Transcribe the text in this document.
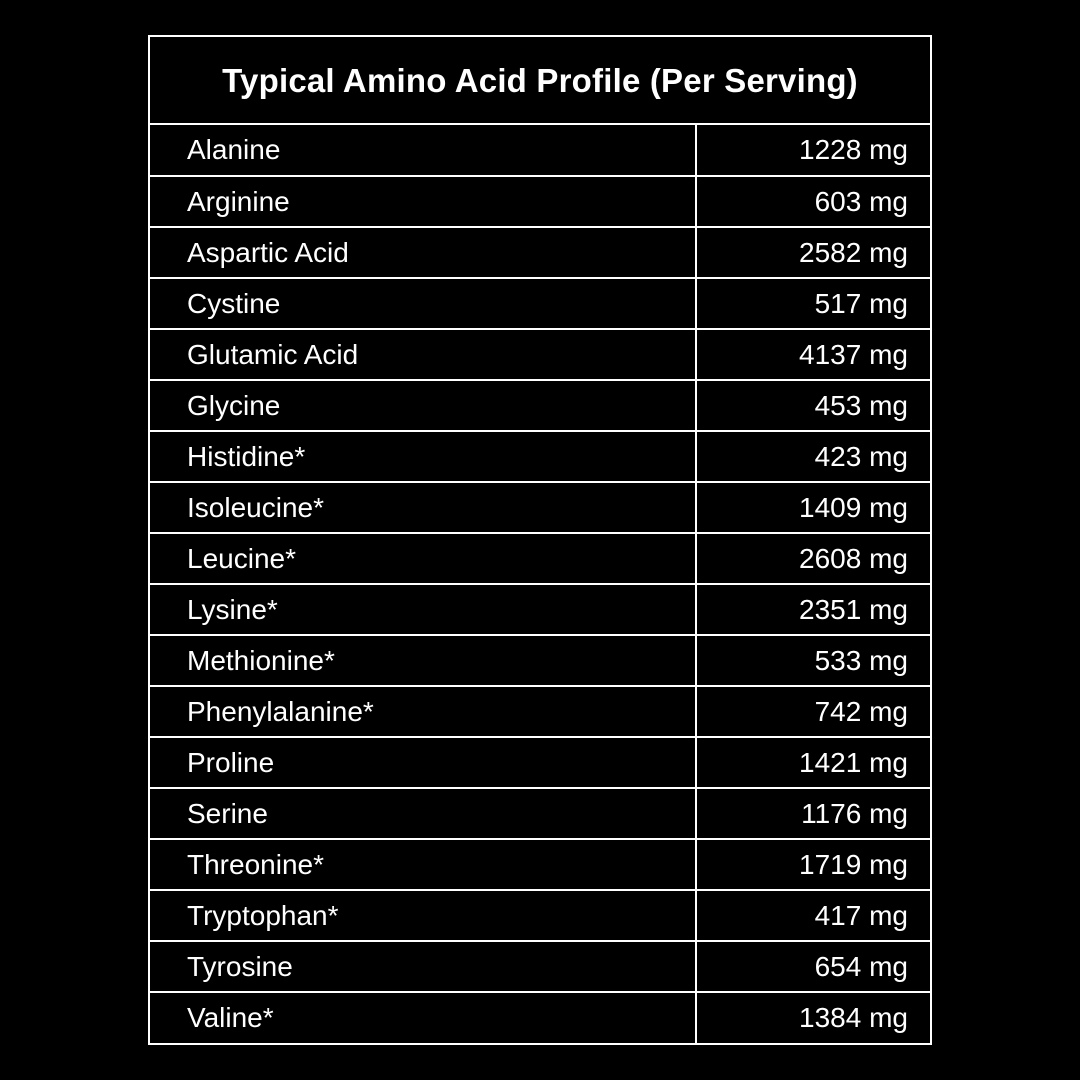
Typical Amino Acid Profile (Per Serving)
Alanine	1228 mg
Arginine	603 mg
Aspartic Acid	2582 mg
Cystine	517 mg
Glutamic Acid	4137 mg
Glycine	453 mg
Histidine*	423 mg
Isoleucine*	1409 mg
Leucine*	2608 mg
Lysine*	2351 mg
Methionine*	533 mg
Phenylalanine*	742 mg
Proline	1421 mg
Serine	1176 mg
Threonine*	1719 mg
Tryptophan*	417 mg
Tyrosine	654 mg
Valine*	1384 mg
